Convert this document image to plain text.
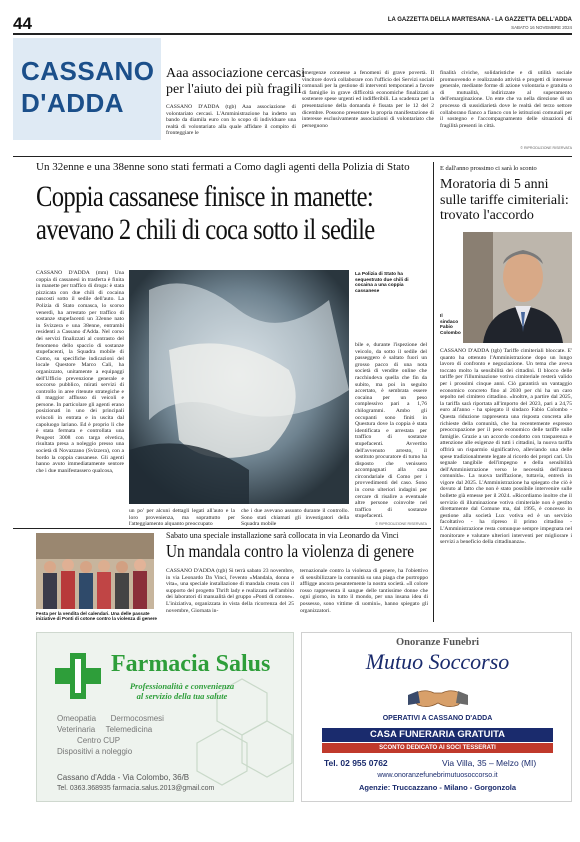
44	LA GAZZETTA DELLA MARTESANA - LA GAZZETTA DELL'ADDA
SABATO 16 NOVEMBRE 2024
CASSANO
D'ADDA
Aaa associazione cercasi
per l'aiuto dei più fragili
CASSANO D'ADDA (tgb) Aaa associazione di volontariato cercasi. L'Amministrazione ha indetto un bando da diamila euro con lo scopo di individuare una realtà di volontariato alla quale affidare il compito di fronteggiare le
emergenze connesse a fenomeni di grave povertà. Il vincitore dovrà collaborare con l'ufficio dei Servizi sociali comunali per la gestione di interventi temporanei a favore di famiglie in grave difficoltà economiche finalizzati a sostenere spese urgenti ed indifferibili. La scadenza per la presentazione della domanda è fissata per le 12 del 2 dicembre. Possono presentare la propria manifestazione di interesse esclusivamente associazioni di volontariato che perseguono
finalità civiche, solidaristiche e di utilità sociale promuovendo e realizzando attività e progetti di interesse generale, mediante forme di azione volontaria e gratuita o di mutualità, indirizzate al superamento dell'emarginazione. Un ente che va nella direzione di un processo di sussidiarietà dove le realtà del terzo settore collaborano fianco a fianco con le istituzioni comunali per il sostegno e l'accompagnamento delle situazioni di fragilità presenti in città.
© RIPRODUZIONE RISERVATA
Un 32enne e una 38enne sono stati fermati a Como dagli agenti della Polizia di Stato
Coppia cassanese finisce in manette:
avevano 2 chili di coca sotto il sedile
CASSANO D'ADDA (mm) Una coppia di cassanesi in trasferta è finita in manette per traffico di droga: è stata pizzicata con due chili di cocaina nascosti sotto il sedile dell'auto. La Polizia di Stato comasca, lo scorso venerdì, ha arrestato per traffico di sostanze stupefacenti un 32enne nato in Svizzera e una 38enne, entrambi residenti a Cassano d'Adda. Nel corso dei servizi finalizzati al contrasto del fenomeno dello spaccio di sostanze stupefacenti, la Squadra mobile di Como, su specifiche indicazioni del locale Questore Marco Calì, ha organizzato, unitamente a equipaggi dell'Ufficio prevenzione generale e soccorso pubblico, mirati servizi di controllo in aree ritenute strategiche e di maggior afflusso di veicoli e persone. In particolare gli agenti erano posizionati in uno dei principali svincoli in entrata e in uscita dal capoluogo lariano. Ed è proprio lì che è stata fermata e controllata una Peugeot 3008 con targa elvetica, risultata presa a noleggio presso una società di Novazzano (Svizzera), con a bordo la coppia cassanese. Gli agenti hanno avuto immediatamente sentore che i due manifestassero qualcosa,
La Polizia di Stato ha sequestrato due chili di cocaina a una coppia cassanese
un po' per alcuni dettagli legati all'auto e la loro provenienza, ma soprattutto per l'atteggiamento alquanto preoccupato
che i due avevano assunto durante il controllo. Sono stati chiamati gli investigatori della Squadra mobile
bile e, durante l'ispezione del veicolo, da sotto il sedile del passeggero è saltato fuori un grosso pacco di una nota società di vendite online che racchiudeva quella che fin da subito, ma poi in seguito accertato, è sembrata essere cocaina per un peso complessivo pari a 1,76 chilogrammi. Ambo gli occupanti sono finiti in Questura dove la coppia è stata identificata e arrestata per traffico di sostanze stupefacenti. Avvertito dell'avvenuto arresto, il sostituto procuratore di turno ha disposto che venissero accompagnati alla casa circondariale di Como per i provvedimenti del caso. Sono in corso ulteriori indagini per cercare di risalire a eventuale altre persone coinvolte nel traffico di sostanze stupefacenti.
© RIPRODUZIONE RISERVATA
E dall'anno prossimo ci sarà lo sconto
Moratoria di 5 anni
sulle tariffe cimiteriali:
trovato l'accordo
Il sindaco
Fabio
Colombo
CASSANO D'ADDA (tgb) Tariffe cimiteriali bloccate. E' quanto ha ottenuto l'Amministrazione dopo un lungo lavoro di confronto e negoziazione. Un tema che aveva toccato molto la sensibilità dei cittadini. Il blocco delle tariffe per l'illuminazione votiva cimiteriale resterà valido per i prossimi cinque anni. Ciò garantirà un vantaggio economico concreto fino al 2030 per chi ha un caro sepolto nel cimitero cittadino. «Inoltre, a partire dal 2025, la tariffa sarà riportata all'importo del 2023, pari a 24,75 euro all'anno - ha spiegato il sindaco Fabio Colombo - Questa riduzione rappresenta una risposta concreta alle richieste della comunità, che ha recentemente espresso preoccupazione per il peso economico delle tariffe sulle famiglie. Grazie a un accordo condotto con trasparenza e attenzione alle esigenze di tutti i cittadini, la nuova tariffa offrirà un risparmio significativo, alleviando una delle spese tradizionalmente legate al ricordo dei propri cari. Un segnale tangibile dell'impegno e della sensibilità dell'Amministrazione verso le necessità dell'intera comunità». La nuova tariffazione, tuttavia, entrerà in vigore dal 2025. L'Amministrazione ha spiegato che ciò è dovuto al fatto che non è stato possibile intervenire sulle bollette già emesse per il 2024. «Ricordiamo inoltre che il servizio di illuminazione votiva cimiteriale non è gestito direttamente dal Comune ma, dal 1995, è concesso in gestione alla società Lux votiva ed è un servizio facoltativo - ha ripreso il primo cittadino - L'Amministrazione resta comunque sempre impegnata nel monitorare e valutare ulteriori interventi per migliorare i servizi a beneficio della cittadinanza».
Festa per la vendita del calendari. Una delle passate iniziative di Ponti di cotone contro la violenza di genere
Sabato una speciale installazione sarà collocata in via Leonardo da Vinci
Un mandala contro la violenza di genere
CASSANO D'ADDA (tgb) Si terrà sabato 23 novembre, in via Leonardo Da Vinci, l'evento «Mandala, donna e vita», una speciale installazione di mandala creata con il supporto del progetto Thrift lady e realizzata nell'ambito dei laboratori di manualità del gruppo «Ponti di cotone». L'iniziativa, organizzata in vista della ricorrenza del 25 novembre, Giornata in-
ternazionale contro la violenza di genere, ha l'obiettivo di sensibilizzare la comunità su una piaga che purtroppo affligge ancora pesantemente la nostra società. «Il colore rosso rappresenta il sangue delle tantissime donne che ogni giorno, in tutto il mondo, per una insana idea di possesso, sono vittime di uomini», hanno spiegato gli organizzatori.
Farmacia Salus
Professionalità e convenienza
al servizio della tua salute
Omeopatia Dermocosmesi
Veterinaria Telemedicina
Centro CUP
Dispositivi a noleggio
Cassano d'Adda - Via Colombo, 36/B
Tel. 0363.368935 farmacia.salus.2013@gmail.com
Onoranze Funebri
Mutuo Soccorso
OPERATIVI A CASSANO D'ADDA
CASA FUNERARIA GRATUITA
SCONTO DEDICATO AI SOCI TESSERATI
Tel. 02 955 0762	Via Villa, 35 – Melzo (MI)
www.onoranzefunebrimutuosoccorso.it
Agenzie: Truccazzano - Milano - Gorgonzola
